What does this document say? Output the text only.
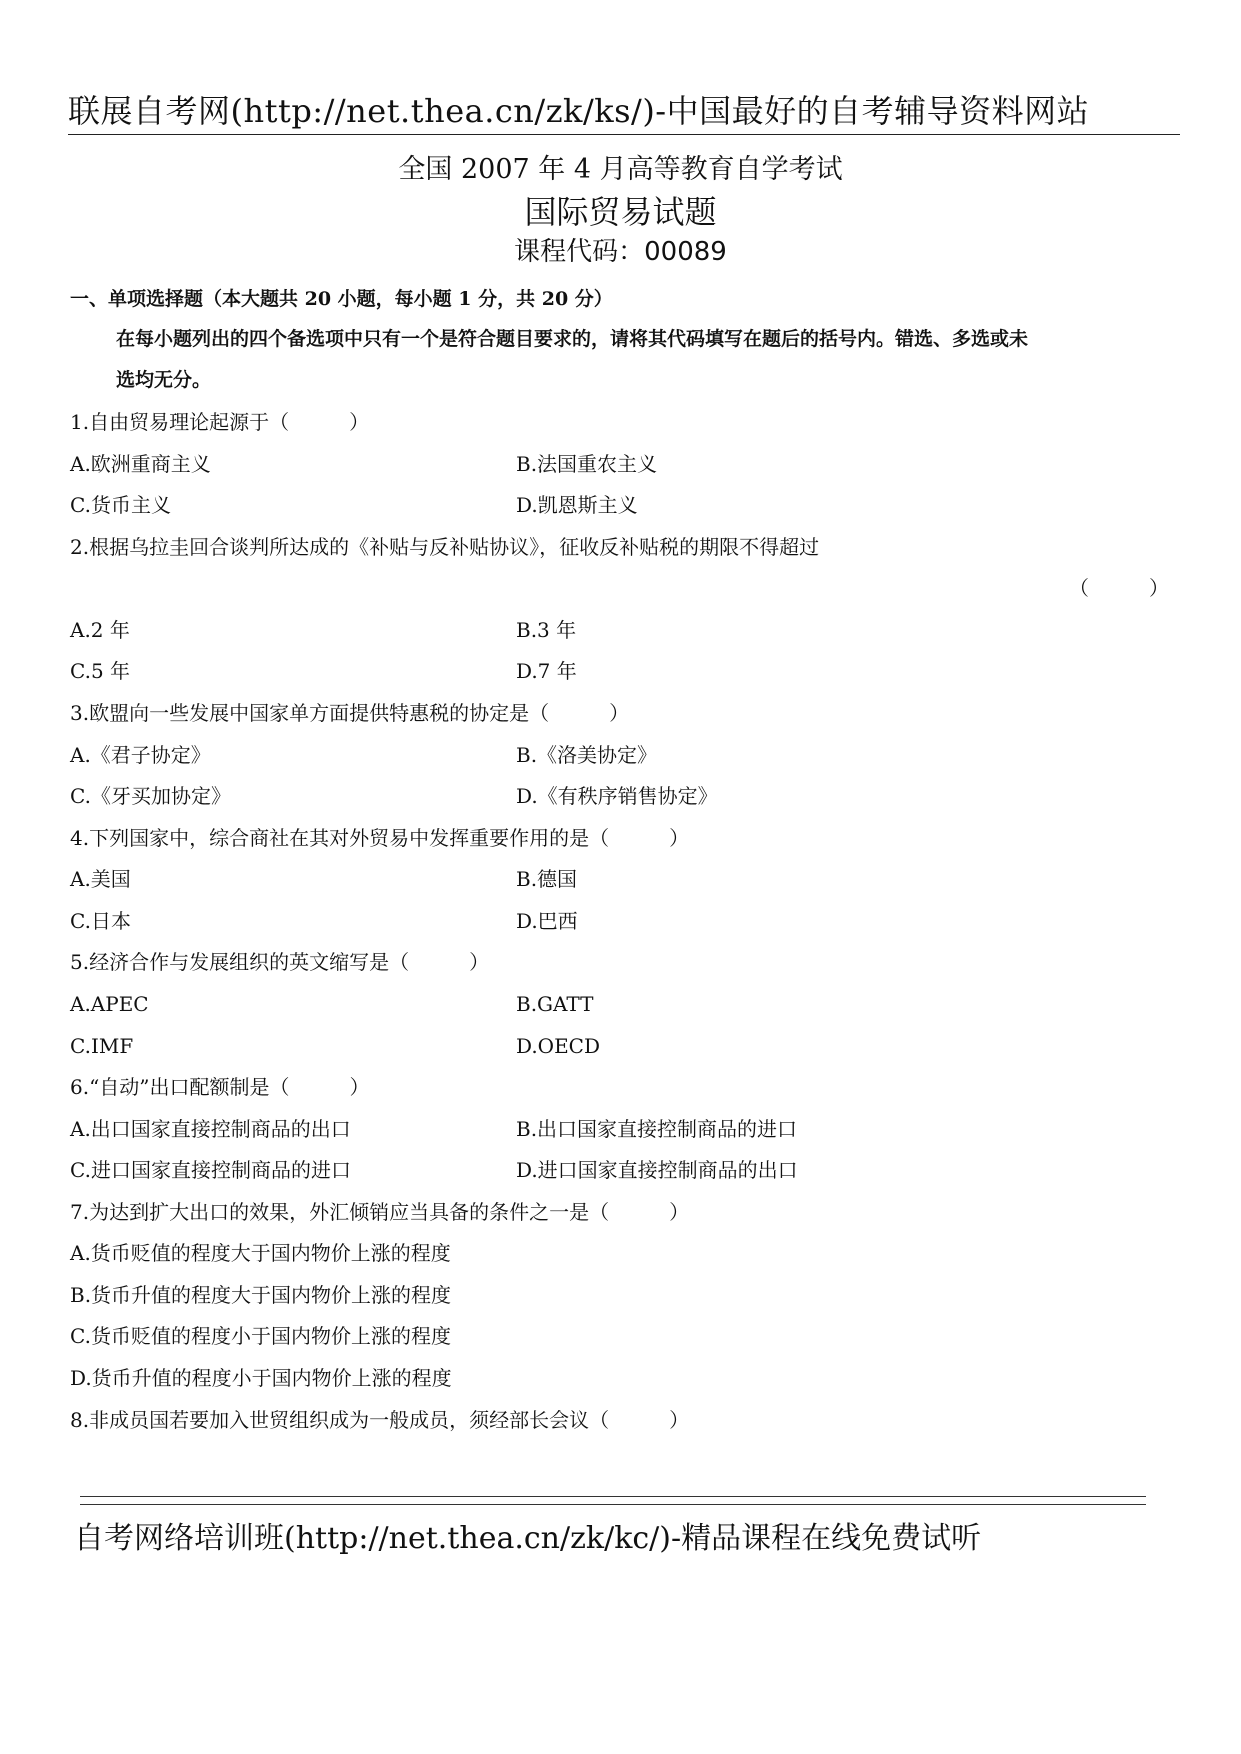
联展自考网(http://net.thea.cn/zk/ks/)-中国最好的自考辅导资料网站
全国 2007 年 4 月高等教育自学考试
国际贸易试题
课程代码：00089
一、单项选择题（本大题共 20 小题，每小题 1 分，共 20 分）
在每小题列出的四个备选项中只有一个是符合题目要求的，请将其代码填写在题后的括号内。错选、多选或未
选均无分。
1.自由贸易理论起源于（　　　）
A.欧洲重商主义	B.法国重农主义
C.货币主义	D.凯恩斯主义
2.根据乌拉圭回合谈判所达成的《补贴与反补贴协议》，征收反补贴税的期限不得超过
（　　　）
A.2 年	B.3 年
C.5 年	D.7 年
3.欧盟向一些发展中国家单方面提供特惠税的协定是（　　　）
A.《君子协定》	B.《洛美协定》
C.《牙买加协定》	D.《有秩序销售协定》
4.下列国家中，综合商社在其对外贸易中发挥重要作用的是（　　　）
A.美国	B.德国
C.日本	D.巴西
5.经济合作与发展组织的英文缩写是（　　　）
A.APEC	B.GATT
C.IMF	D.OECD
6.“自动”出口配额制是（　　　）
A.出口国家直接控制商品的出口	B.出口国家直接控制商品的进口
C.进口国家直接控制商品的进口	D.进口国家直接控制商品的出口
7.为达到扩大出口的效果，外汇倾销应当具备的条件之一是（　　　）
A.货币贬值的程度大于国内物价上涨的程度
B.货币升值的程度大于国内物价上涨的程度
C.货币贬值的程度小于国内物价上涨的程度
D.货币升值的程度小于国内物价上涨的程度
8.非成员国若要加入世贸组织成为一般成员，须经部长会议（　　　）
自考网络培训班(http://net.thea.cn/zk/kc/)-精品课程在线免费试听
